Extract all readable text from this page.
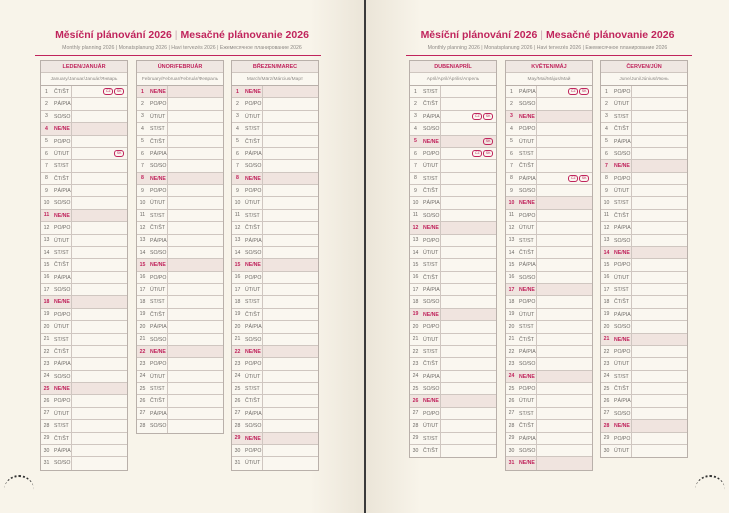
Měsíční plánování 2026 | Mesačné plánovanie 2026
Monthly planning 2026 | Monatsplanung 2026 | Havi tervezés 2026 | Ежемесячное планирование 2026
Měsíční plánování 2026 | Mesačné plánovanie 2026
Monthly planning 2026 | Monatsplanung 2026 | Havi tervezés 2026 | Ежемесячное планирование 2026
LEDEN/JANUÁR
January/Januar/Január/Январь
1	ČT/ŠT	CZ	SK
2	PÁ/PIA
3	SO/SO
4	NE/NE
5	PO/PO
6	ÚT/UT	SK
7	ST/ST
8	ČT/ŠT
9	PÁ/PIA
10 SO/SO
11 NE/NE
12 PO/PO
13 ÚT/UT
14 ST/ST
15 ČT/ŠT
16 PÁ/PIA
17 SO/SO
18 NE/NE
19 PO/PO
20 ÚT/UT
21 ST/ST
22 ČT/ŠT
23 PÁ/PIA
24 SO/SO
25 NE/NE
26 PO/PO
27 ÚT/UT
28 ST/ST
29 ČT/ŠT
30 PÁ/PIA
31 SO/SO
ÚNOR/FEBRUÁR
February/Februar/Február/Февраль
1	NE/NE
2	PO/PO
3	ÚT/UT
4	ST/ST
5	ČT/ŠT
6	PÁ/PIA
7	SO/SO
8	NE/NE
9	PO/PO
10 ÚT/UT
11 ST/ST
12 ČT/ŠT
13 PÁ/PIA
14 SO/SO
15 NE/NE
16 PO/PO
17 ÚT/UT
18 ST/ST
19 ČT/ŠT
20 PÁ/PIA
21 SO/SO
22 NE/NE
23 PO/PO
24 ÚT/UT
25 ST/ST
26 ČT/ŠT
27 PÁ/PIA
28 SO/SO
BŘEZEN/MAREC
March/März/Március/Март
1	NE/NE
2	PO/PO
3	ÚT/UT
4	ST/ST
5	ČT/ŠT
6	PÁ/PIA
7	SO/SO
8	NE/NE
9	PO/PO
10 ÚT/UT
11 ST/ST
12 ČT/ŠT
13 PÁ/PIA
14 SO/SO
15 NE/NE
16 PO/PO
17 ÚT/UT
18 ST/ST
19 ČT/ŠT
20 PÁ/PIA
21 SO/SO
22 NE/NE
23 PO/PO
24 ÚT/UT
25 ST/ST
26 ČT/ŠT
27 PÁ/PIA
28 SO/SO
29 NE/NE
30 PO/PO
31 ÚT/UT
DUBEN/APRÍL
April/April/Április/Апрель
1	ST/ST
2	ČT/ŠT
3	PÁ/PIA	CZ	SK
4	SO/SO
5	NE/NE	SK
6	PO/PO	CZ	SK
7	ÚT/UT
8	ST/ST
9	ČT/ŠT
10 PÁ/PIA
11 SO/SO
12 NE/NE
13 PO/PO
14 ÚT/UT
15 ST/ST
16 ČT/ŠT
17 PÁ/PIA
18 SO/SO
19 NE/NE
20 PO/PO
21 ÚT/UT
22 ST/ST
23 ČT/ŠT
24 PÁ/PIA
25 SO/SO
26 NE/NE
27 PO/PO
28 ÚT/UT
29 ST/ST
30 ČT/ŠT
KVĚTEN/MÁJ
May/Mai/Május/Май
1	PÁ/PIA	CZ	SK
2	SO/SO
3	NE/NE
4	PO/PO
5	ÚT/UT
6	ST/ST
7	ČT/ŠT
8	PÁ/PIA	CZ	SK
9	SO/SO
10 NE/NE
11 PO/PO
12 ÚT/UT
13 ST/ST
14 ČT/ŠT
15 PÁ/PIA
16 SO/SO
17 NE/NE
18 PO/PO
19 ÚT/UT
20 ST/ST
21 ČT/ŠT
22 PÁ/PIA
23 SO/SO
24 NE/NE
25 PO/PO
26 ÚT/UT
27 ST/ST
28 ČT/ŠT
29 PÁ/PIA
30 SO/SO
31 NE/NE
ČERVEN/JÚN
June/Juni/Június/Июнь
1	PO/PO
2	ÚT/UT
3	ST/ST
4	ČT/ŠT
5	PÁ/PIA
6	SO/SO
7	NE/NE
8	PO/PO
9	ÚT/UT
10 ST/ST
11 ČT/ŠT
12 PÁ/PIA
13 SO/SO
14 NE/NE
15 PO/PO
16 ÚT/UT
17 ST/ST
18 ČT/ŠT
19 PÁ/PIA
20 SO/SO
21 NE/NE
22 PO/PO
23 ÚT/UT
24 ST/ST
25 ČT/ŠT
26 PÁ/PIA
27 SO/SO
28 NE/NE
29 PO/PO
30 ÚT/UT
